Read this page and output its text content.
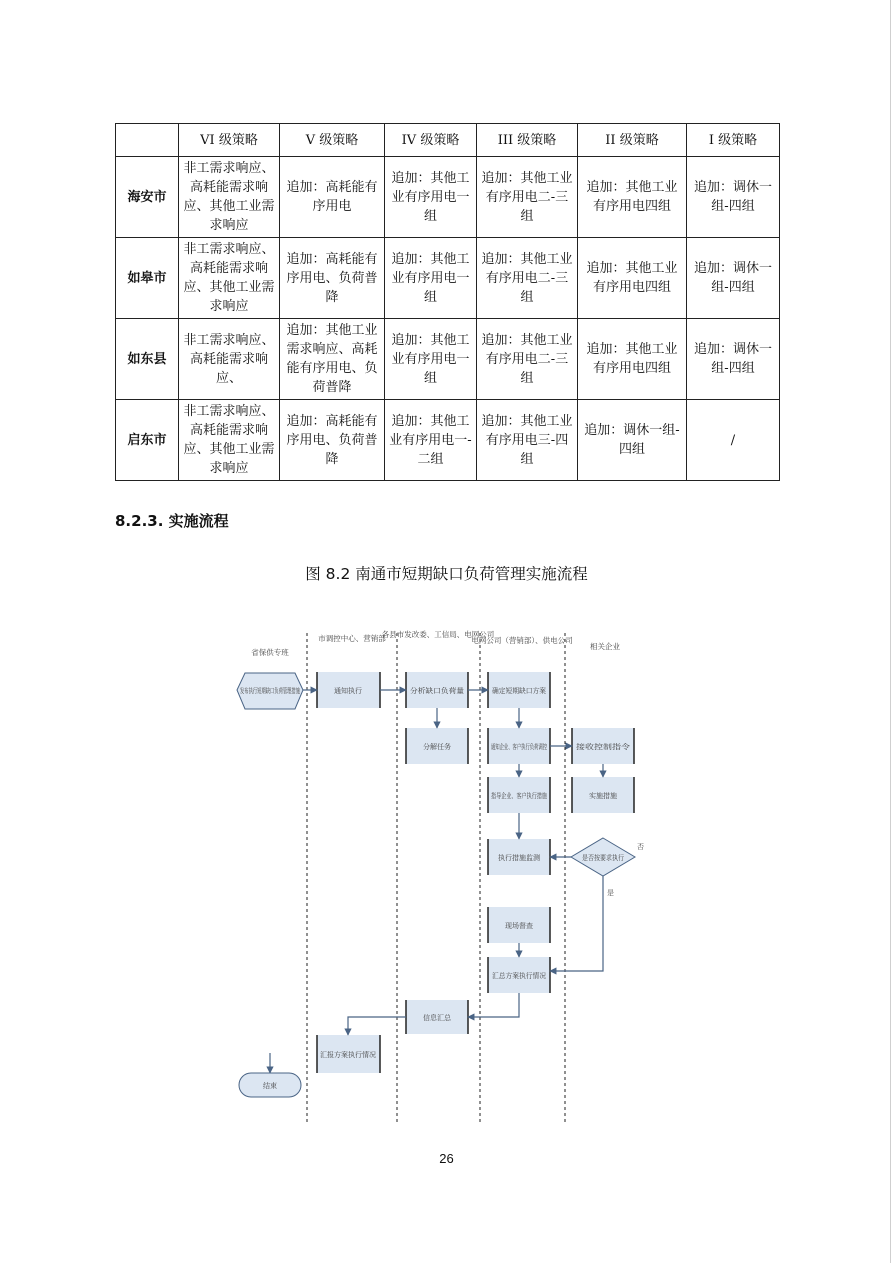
	VI 级策略	V 级策略	IV 级策略	III 级策略	II 级策略	I 级策略
海安市	非工需求响应、高耗能需求响应、其他工业需求响应	追加：高耗能有序用电	追加：其他工业有序用电一组	追加：其他工业有序用电二-三组	追加：其他工业有序用电四组	追加：调休一组-四组
如皋市	非工需求响应、高耗能需求响应、其他工业需求响应	追加：高耗能有序用电、负荷普降	追加：其他工业有序用电一组	追加：其他工业有序用电二-三组	追加：其他工业有序用电四组	追加：调休一组-四组
如东县	非工需求响应、高耗能需求响应、	追加：其他工业需求响应、高耗能有序用电、负荷普降	追加：其他工业有序用电一组	追加：其他工业有序用电二-三组	追加：其他工业有序用电四组	追加：调休一组-四组
启东市	非工需求响应、高耗能需求响应、其他工业需求响应	追加：高耗能有序用电、负荷普降	追加：其他工业有序用电一-二组	追加：其他工业有序用电三-四组	追加：调休一组-四组	/
8.2.3. 实施流程
图 8.2 南通市短期缺口负荷管理实施流程
省保供专班
市调控中心、营销部
各县市发改委、工信局、电网公司
电网公司（营销部）、供电公司
相关企业
发布执行短期缺口负荷管理措施
通知执行	分析缺口负荷量	确定短期缺口方案
分解任务	通知企业、客户执行负荷调控
接收控制指令
指导企业、客户执行措施	实施措施
执行措施监测	是否按要求执行
否
是
现场督查
汇总方案执行情况
信息汇总
汇报方案执行情况
结束
26
